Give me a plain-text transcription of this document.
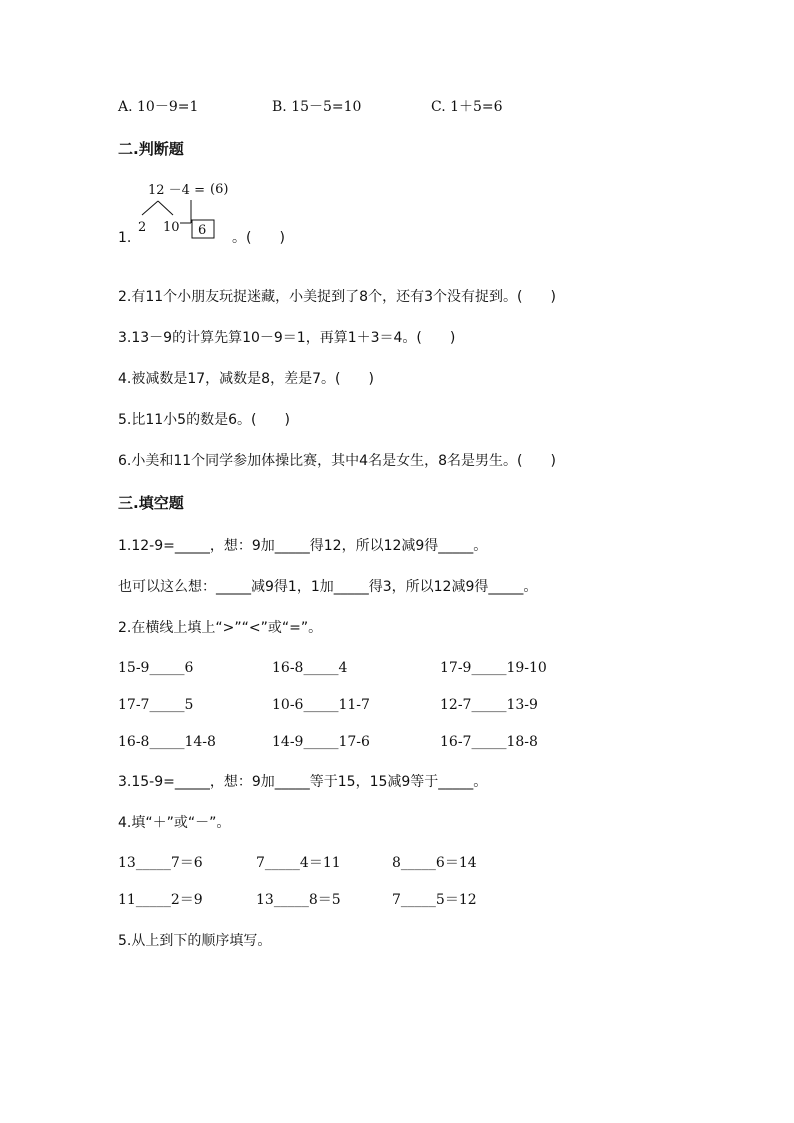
A. 10－9=1	B. 15－5=10	C. 1＋5=6
二.判断题
12 －4 = (6)
2 10 6
1.	。(　　)
2.有11个小朋友玩捉迷藏，小美捉到了8个，还有3个没有捉到。(　　)
3.13－9的计算先算10－9＝1，再算1＋3＝4。(　　)
4.被减数是17，减数是8，差是7。(　　)
5.比11小5的数是6。(　　)
6.小美和11个同学参加体操比赛，其中4名是女生，8名是男生。(　　)
三.填空题
1.12-9=_____，想：9加_____得12，所以12减9得_____。
也可以这么想：_____减9得1，1加_____得3，所以12减9得_____。
2.在横线上填上“>”“<”或“=”。
15-9_____6	16-8_____4	17-9_____19-10
17-7_____5	10-6_____11-7	12-7_____13-9
16-8_____14-8	14-9_____17-6	16-7_____18-8
3.15-9=_____，想：9加_____等于15，15减9等于_____。
4.填“＋”或“－”。
13_____7＝6	7_____4＝11	8_____6＝14
11_____2＝9	13_____8＝5	7_____5＝12
5.从上到下的顺序填写。
